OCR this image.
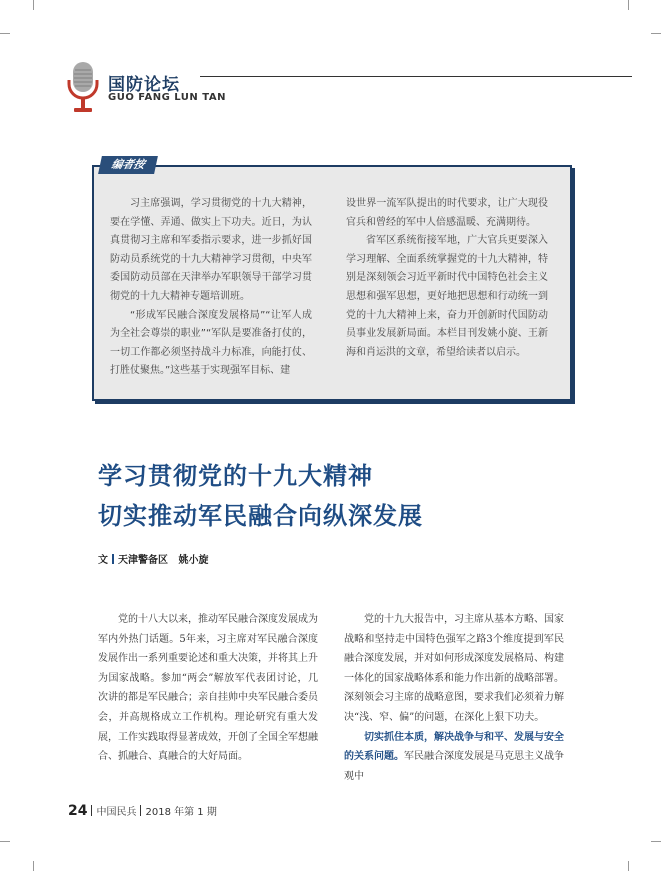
国防论坛
GUO FANG LUN TAN
编者按

习主席强调，学习贯彻党的十九大精神，要在学懂、弄通、做实上下功夫。近日，为认真贯彻习主席和军委指示要求，进一步抓好国防动员系统党的十九大精神学习贯彻，中央军委国防动员部在天津举办军职领导干部学习贯彻党的十九大精神专题培训班。

“形成军民融合深度发展格局”“让军人成为全社会尊崇的职业”“军队是要准备打仗的，一切工作都必须坚持战斗力标准，向能打仗、打胜仗聚焦。”这些基于实现强军目标、建

设世界一流军队提出的时代要求，让广大现役官兵和曾经的军中人倍感温暖、充满期待。

省军区系统衔接军地，广大官兵更要深入学习理解、全面系统掌握党的十九大精神，特别是深刻领会习近平新时代中国特色社会主义思想和强军思想，更好地把思想和行动统一到党的十九大精神上来，奋力开创新时代国防动员事业发展新局面。本栏目刊发姚小旋、王新海和肖运洪的文章，希望给读者以启示。

学习贯彻党的十九大精神
切实推动军民融合向纵深发展
文 天津警备区 姚小旋

党的十八大以来，推动军民融合深度发展成为军内外热门话题。5年来，习主席对军民融合深度发展作出一系列重要论述和重大决策，并将其上升为国家战略。参加“两会”解放军代表团讨论，几次讲的都是军民融合；亲自挂帅中央军民融合委员会，并高规格成立工作机构。理论研究有重大发展，工作实践取得显著成效，开创了全国全军想融合、抓融合、真融合的大好局面。

党的十九大报告中，习主席从基本方略、国家战略和坚持走中国特色强军之路3个维度提到军民融合深度发展，并对如何形成深度发展格局、构建一体化的国家战略体系和能力作出新的战略部署。深刻领会习主席的战略意图，要求我们必须着力解决“浅、窄、偏”的问题，在深化上狠下功夫。

切实抓住本质，解决战争与和平、发展与安全的关系问题。军民融合深度发展是马克思主义战争观中

24 中国民兵 2018 年第 1 期
